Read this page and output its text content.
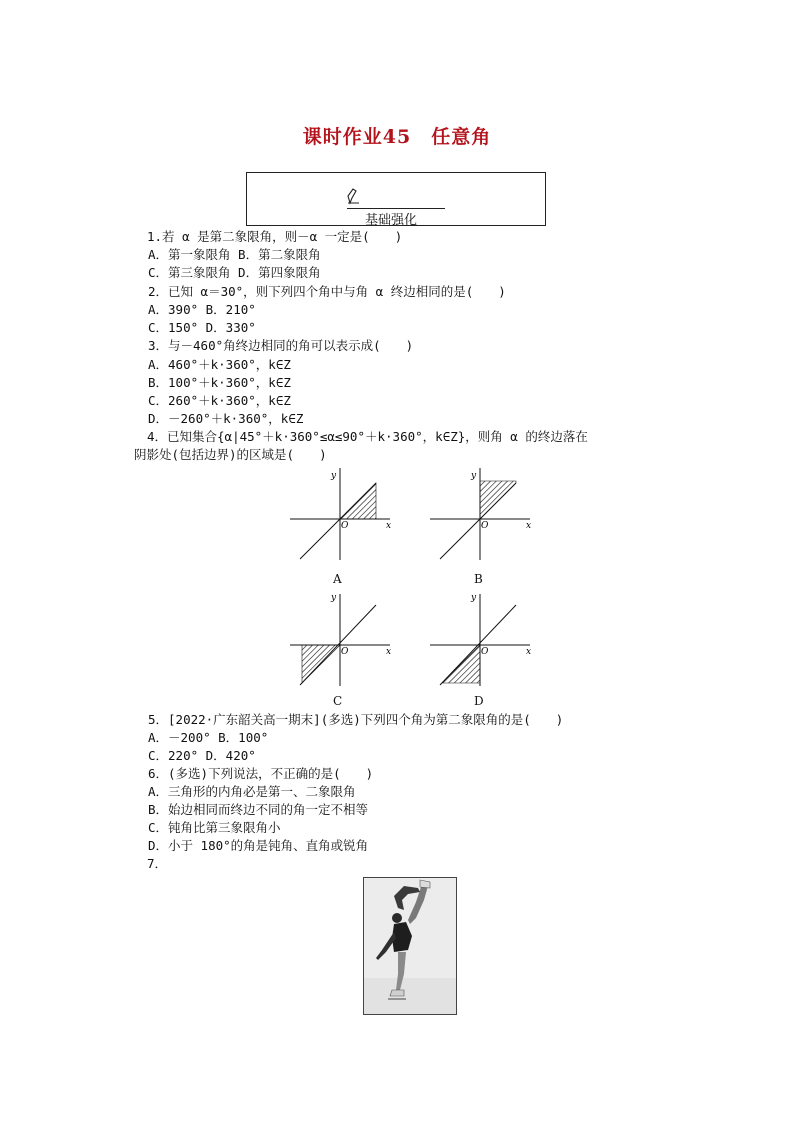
课时作业45　任意角
基础强化
1.若 α 是第二象限角，则－α 一定是(　　)
A．第一象限角 B．第二象限角
C．第三象限角 D．第四象限角
2．已知 α＝30°，则下列四个角中与角 α 终边相同的是(　　)
A．390° B．210°
C．150° D．330°
3．与－460°角终边相同的角可以表示成(　　)
A．460°＋k·360°，k∈Z
B．100°＋k·360°，k∈Z
C．260°＋k·360°，k∈Z
D．－260°＋k·360°，k∈Z
4．已知集合{α|45°＋k·360°≤α≤90°＋k·360°，k∈Z}，则角 α 的终边落在
阴影处(包括边界)的区域是(　　)
x
y
O
A
x
y
O
B
x
y
O
C
x
y
O
D
5．[2022·广东韶关高一期末](多选)下列四个角为第二象限角的是(　　)
A．－200° B．100°
C．220° D．420°
6．(多选)下列说法，不正确的是(　　)
A．三角形的内角必是第一、二象限角
B．始边相同而终边不同的角一定不相等
C．钝角比第三象限角小
D．小于 180°的角是钝角、直角或锐角
7．
